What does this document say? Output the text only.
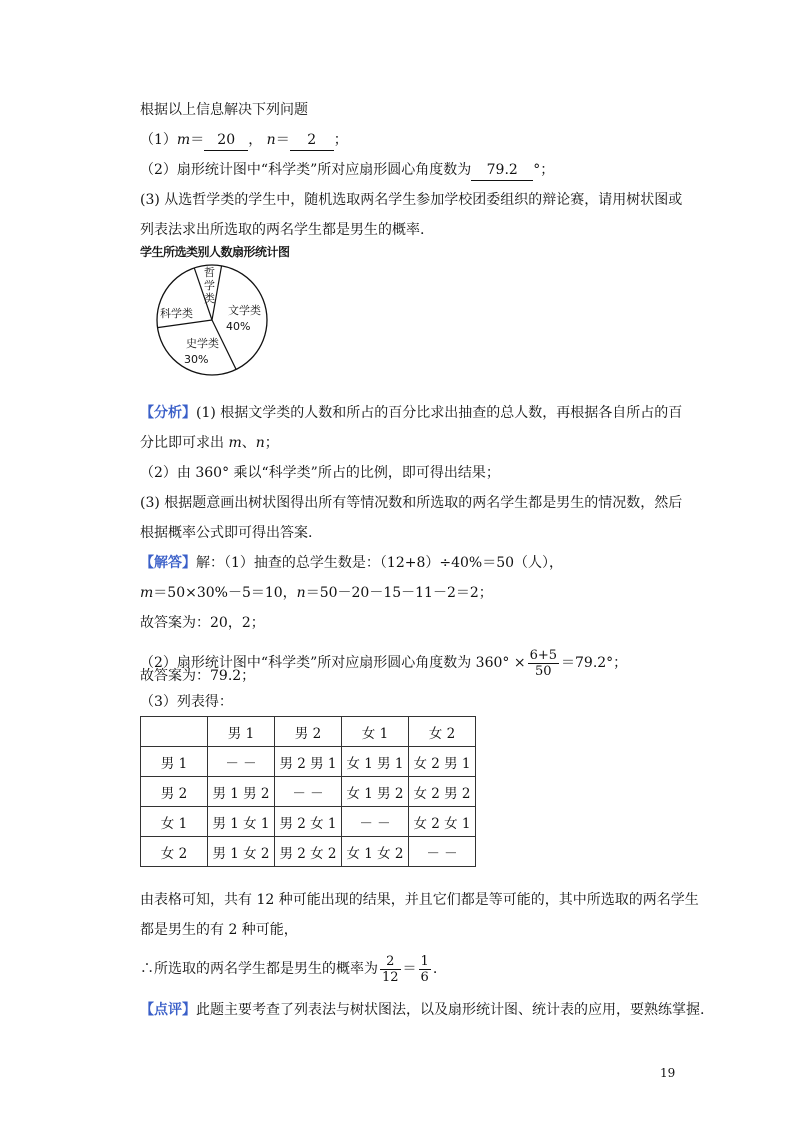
根据以上信息解决下列问题
（1）m＝ 20 ， n＝ 2 ；
（2）扇形统计图中“科学类”所对应扇形圆心角度数为 79.2 °；
(3) 从选哲学类的学生中，随机选取两名学生参加学校团委组织的辩论赛，请用树状图或
列表法求出所选取的两名学生都是男生的概率.
学生所选类别人数扇形统计图
文学类
40%
史学类
30%
科学类
哲
学
类
【分析】(1) 根据文学类的人数和所占的百分比求出抽查的总人数，再根据各自所占的百
分比即可求出 m、n；
（2）由 360° 乘以“科学类”所占的比例，即可得出结果；
(3) 根据题意画出树状图得出所有等情况数和所选取的两名学生都是男生的情况数，然后
根据概率公式即可得出答案.
【解答】解：（1）抽查的总学生数是：（12+8）÷40%＝50（人），
m＝50×30%－5＝10，n＝50－20－15－11－2＝2；
故答案为：20，2；
（2）扇形统计图中“科学类”所对应扇形圆心角度数为 $360^\circ \times \frac{6+5}{50} =79.2^\circ$；
故答案为：79.2；
	男 1	男 2	女 1	女 2
男 1	－ －	男 2 男 1	女 1 男 1	女 2 男 1
男 2	男 1 男 2	－ －	女 1 男 2	女 2 男 2
女 1	男 1 女 1	男 2 女 1	－ －	女 2 女 1
女 2	男 1 女 2	男 2 女 2	女 1 女 2	－ －
由表格可知，共有 12 种可能出现的结果，并且它们都是等可能的，其中所选取的两名学生
都是男生的有 2 种可能，
∴所选取的两名学生都是男生的概率为 $\frac{2}{12} = \frac{1}{6}$ .
【点评】此题主要考查了列表法与树状图法，以及扇形统计图、统计表的应用，要熟练掌握.
（3）列表得：
19
